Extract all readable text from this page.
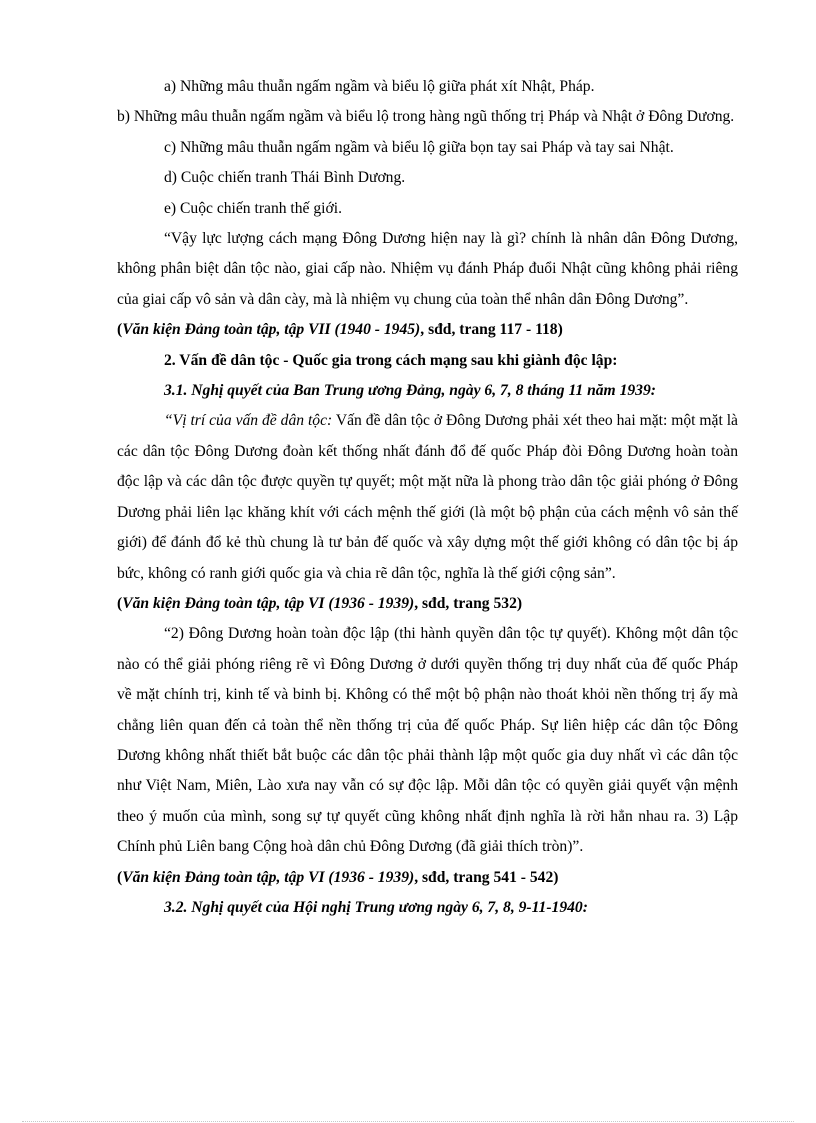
a) Những mâu thuẫn ngấm ngầm và biểu lộ giữa phát xít Nhật, Pháp.

b) Những mâu thuẫn ngấm ngầm và biểu lộ trong hàng ngũ thống trị Pháp và Nhật ở Đông Dương.

c) Những mâu thuẫn ngấm ngầm và biểu lộ giữa bọn tay sai Pháp và tay sai Nhật.

d) Cuộc chiến tranh Thái Bình Dương.

e) Cuộc chiến tranh thế giới.

“Vậy lực lượng cách mạng Đông Dương hiện nay là gì? chính là nhân dân Đông Dương, không phân biệt dân tộc nào, giai cấp nào. Nhiệm vụ đánh Pháp đuổi Nhật cũng không phải riêng của giai cấp vô sản và dân cày, mà là nhiệm vụ chung của toàn thể nhân dân Đông Dương”.

(Văn kiện Đảng toàn tập, tập VII (1940 - 1945), sđd, trang 117 - 118)

2. Vấn đề dân tộc - Quốc gia trong cách mạng sau khi giành độc lập:

3.1. Nghị quyết của Ban Trung ương Đảng, ngày 6, 7, 8 tháng 11 năm 1939:

“Vị trí của vấn đề dân tộc: Vấn đề dân tộc ở Đông Dương phải xét theo hai mặt: một mặt là các dân tộc Đông Dương đoàn kết thống nhất đánh đổ đế quốc Pháp đòi Đông Dương hoàn toàn độc lập và các dân tộc được quyền tự quyết; một mặt nữa là phong trào dân tộc giải phóng ở Đông Dương phải liên lạc khăng khít với cách mệnh thế giới (là một bộ phận của cách mệnh vô sản thế giới) để đánh đổ kẻ thù chung là tư bản đế quốc và xây dựng một thế giới không có dân tộc bị áp bức, không có ranh giới quốc gia và chia rẽ dân tộc, nghĩa là thế giới cộng sản”.

(Văn kiện Đảng toàn tập, tập VI (1936 - 1939), sđd, trang 532)

“2) Đông Dương hoàn toàn độc lập (thi hành quyền dân tộc tự quyết). Không một dân tộc nào có thể giải phóng riêng rẽ vì Đông Dương ở dưới quyền thống trị duy nhất của đế quốc Pháp về mặt chính trị, kinh tế và binh bị. Không có thể một bộ phận nào thoát khỏi nền thống trị ấy mà chẳng liên quan đến cả toàn thể nền thống trị của đế quốc Pháp. Sự liên hiệp các dân tộc Đông Dương không nhất thiết bắt buộc các dân tộc phải thành lập một quốc gia duy nhất vì các dân tộc như Việt Nam, Miên, Lào xưa nay vẫn có sự độc lập. Mỗi dân tộc có quyền giải quyết vận mệnh theo ý muốn của mình, song sự tự quyết cũng không nhất định nghĩa là rời hẳn nhau ra. 3) Lập Chính phủ Liên bang Cộng hoà dân chủ Đông Dương (đã giải thích tròn)”.

(Văn kiện Đảng toàn tập, tập VI (1936 - 1939), sđd, trang 541 - 542)

3.2. Nghị quyết của Hội nghị Trung ương ngày 6, 7, 8, 9-11-1940:
